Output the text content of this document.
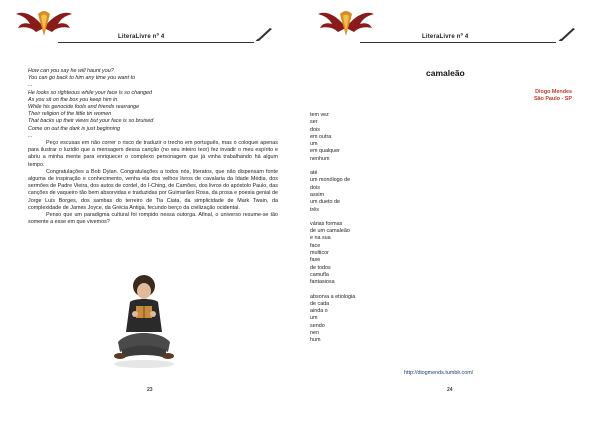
LiteraLivre nº 4
How can you say he will haunt you?
You can go back to him any time you want to
...
He looks so righteous while your face is so changed
As you sit on the box you keep him in
While his genocide fools and friends rearrange
Their religion of the little tin women
That backs up their views but your face is so bruised
Come on out the dark is just beginning
...

Peço escusas em não correr o risco de traduzir o trecho em português, mas o coloquei apenas para ilustrar o luzidio que a mensagem dessa canção (no seu inteiro teor) fez invadir o meu espírito e abriu a minha mente para enriquecer o complexo personagem que já vinha trabalhando há algum tempo.

Congratulações a Bob Dylan. Congratulações a todos nós, literatos, que não dispensam fonte alguma de inspiração e conhecimento, venha ela dos velhos livros de cavalaria da Idade Média, dos sermões de Padre Vieira, dos autos de cordel, do I-Ching, de Camões, dos livros do apóstolo Paulo, das canções de vaqueiro tão bem absorvidas e traduzidas por Guimarães Rosa, da prosa e poesia genial de Jorge Luis Borges, dos sambas do terreiro de Tia Ciata, da simplicidade de Mark Twain, da complexidade de James Joyce, da Grécia Antiga, fecundo berço da civilização ocidental.

Penso que um paradigma cultural foi rompido nessa outorga. Afinal, o universo resume-se tão somente a esse em que vivemos?

23
LiteraLivre nº 4
camaleão
Diogo Mendes
São Paulo - SP
tem vez
ser
dois
em outra
um
em qualquer
nenhum
até
um monólogo de
dois
assim
um dueto de
três
várias formas
de um camaleão
e na sua
face
multicor
fase
de todos
camufla
fantasiosa
absorva a etiologia
de cada
ainda o
um
sendo
nen
hum
http://diogmends.tumblr.com/
24
